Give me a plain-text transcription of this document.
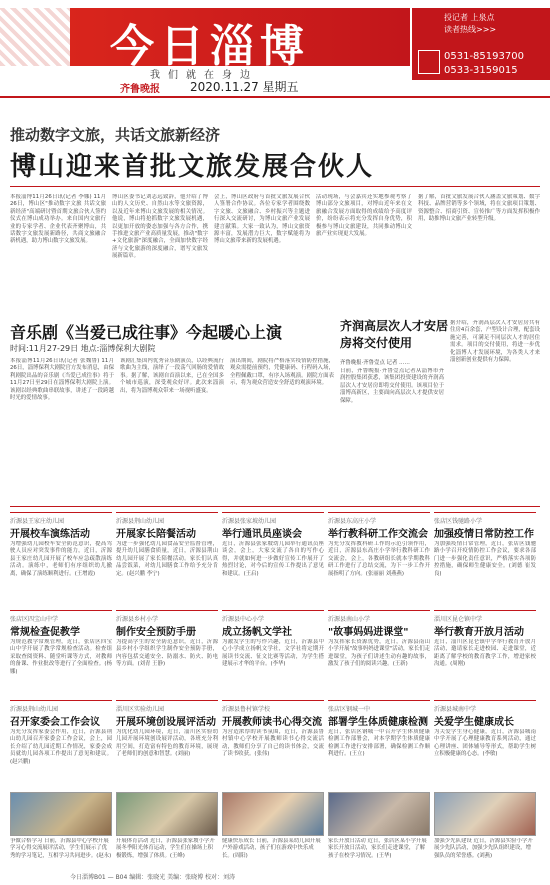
今日淄博
我们就在身边
齐鲁晚报	2020.11.27 星期五
投记者 上泉点
读者热线>>>
0531-85193700
0533-3159015
推动数字文旅，共话文旅新经济
博山迎来首批文旅发展合伙人
本报淄博11月26日讯(记者 李娜) 11月26日，博山区"推动数字文旅 共话文旅新经济"高端研讨暨首期文旅合伙人签约仪式在博山成功举办。来自国内文旅行业的专家学者、企业代表齐聚博山，共话数字文旅发展新路径，共商文旅融合新机遇，助力博山数字文旅发展。
博山区委书记刘志远致辞，他介绍了博山的人文历史、自然山水等文旅资源，以及近年来博山文旅发展的相关情况。他说，博山将抢抓数字文旅发展机遇，以更加开放的姿态加强与各方合作，携手推进文旅产业高质量发展，推动"数字+文化旅游"深度融合，全面加快数字经济与文化旅游的深度融合，谱写文旅发展新篇章。
会上，博山区政府与首批文旅发展合伙人签署合作协议。各位专家学者围绕数字文旅、文旅融合、乡村振兴等主题进行深入交流研讨，为博山文旅产业发展建言献策。大家一致认为，博山文旅资源丰富，发展潜力巨大，数字赋能将为博山文旅带来新的发展机遇。
活动现场，与会嘉宾还实地参观考察了博山部分文旅项目，对博山近年来在文旅融合发展方面取得的成绩给予高度评价，纷纷表示将充分发挥自身优势，积极参与博山文旅建设，共同推动博山文旅产业实现更大发展。
据了解，首批文旅发展合伙人涵盖文旅策划、数字科技、品牌营销等多个领域，将在文旅项目策划、资源整合、招商引资、宣传推广等方面发挥积极作用，助推博山文旅产业转型升级。
音乐剧《当爱已成往事》今起暖心上演
时间:11月27-29日 地点:淄博保利大剧院
本报淄博11月26日讯(记者 张魏鲁) 11月26日，淄博保利大剧院官方发布消息，由保利剧院出品的音乐剧《当爱已成往事》将于11月27日至29日在淄博保利大剧院上演。该剧以经典歌曲串联故事，讲述了一段跨越时光的爱情故事。
该剧汇集国内优秀音乐剧演员，以经典流行歌曲为主线，演绎了一段荡气回肠的爱情故事。据了解，该剧自首演以来，已在全国多个城市巡演，深受观众好评。此次来淄演出，将为淄博观众带来一场视听盛宴。
演出期间，剧院将严格落实疫情防控措施，观众需提前预约，凭健康码、行程码入场，全程佩戴口罩，有序入场观演。剧院方面表示，将为观众营造安全舒适的观演环境。
齐润高层次人才安居房将交付使用
齐鲁晚报·齐鲁壹点 记者 ……
日前，齐鲁晚报·齐鲁壹点记者从淄博市齐润控股集团获悉，该集团投资建设的齐润高层次人才安居房即将交付使用。该项目位于淄博高新区，主要面向高层次人才提供安居保障。
据介绍，齐润高层次人才安居房共有住房4百余套，户型设计合理，配套设施完善，可满足不同层次人才的居住需求。项目的交付使用，将进一步优化淄博人才发展环境，为各类人才来淄创新创业提供有力保障。
沂源县王家庄幼儿园
开展校车演练活动
为增强幼儿园校车安全防范意识，提高驾驶人员应对突发事件的能力，近日，沂源县王家庄幼儿园开展了校车应急疏散演练活动。演练中，老师们有序组织幼儿撤离，确保了演练顺利进行。(王增霞)
沂源县荆山幼儿园
开展家长陪餐活动
为进一步强化幼儿园食品安全监督管理，提升幼儿园膳食质量，近日，沂源县荆山幼儿园开展了家长陪餐活动。家长们认真品尝饭菜，对幼儿园膳食工作给予充分肯定。(赵兴鹏 李宁)
沂源县张家坡幼儿园
举行通讯员座谈会
近日，沂源县张家坡幼儿园举行通讯员座谈会，会上，大家交流了各自的写作心得，并就如何进一步做好宣传工作展开了热烈讨论，对今后的宣传工作提出了意见和建议。(王启)
沂源县东高庄小学
举行教科研工作交流会
为充分发挥教科研工作的示范引领作用，近日，沂源县东高庄小学举行教科研工作交流会，会上，各教研组长就本学期教科研工作进行了总结交流，为下一步工作开展指明了方向。(张丽丽 刘燕燕)
张店区钱驰路小学
加强疫情日常防控工作
为加强疫情日常管理，近日，张店区钱驰路小学召开疫情防控工作会议，要求各部门进一步强化责任意识，严格落实各项防控措施，确保师生健康安全。(刘德 崔发良)
张店区四宝山中学
常规检查促教学
为规范教学常规管理，近日，张店区四宝山中学开展了教学常规检查活动。检查组采取查阅资料、随堂听课等方式，对教师的备课、作业批改等进行了全面检查。(杨娜)
沂源县乡村小学
制作安全预防手册
为提高学生的安全防范意识，近日，沂源县乡村小学组织学生制作安全预防手册，内容包括交通安全、防溺水、防火、防电等方面。(刘青 王静)
沂源县中心小学
成立扬帆文学社
为激发学生的写作兴趣，近日，沂源县中心小学成立扬帆文学社，文学社将定期开展读书交流、征文比赛等活动，为学生搭建展示才华的平台。(李华)
沂源县南山小学
"故事妈妈进课堂"
为发挥家长资源优势，近日，沂源县南山小学开展"故事妈妈进课堂"活动，家长们走进课堂，为孩子们讲述生动有趣的故事，激发了孩子们的阅读兴趣。(王新)
淄川区昆仑镇中学
举行教育开放月活动
近日，淄川区昆仑镇中学举行教育开放月活动，邀请家长走进校园、走进课堂，近距离了解学校的教育教学工作，增进家校沟通。(周刚)
沂源县荆山幼儿园
召开家委会工作会议
为充分发挥家委会作用，近日，沂源县荆山幼儿园召开家委会工作会议，会上，园长介绍了幼儿园近期工作情况，家委会成员就幼儿园各项工作提出了意见和建议。(赵兴鹏)
淄川区实验幼儿园
开展环境创设展评活动
为优化幼儿园环境，近日，淄川区实验幼儿园开展环境创设展评活动，各班充分利用空间，打造富有特色的教育环境，展现了老师们的创意和智慧。(刘丽)
沂源县鲁村镇学校
开展教师读书心得交流
为营造浓厚的读书氛围，近日，沂源县鲁村镇中心学校开展教师读书心得交流活动，教师们分享了自己的读书体会，交流了读书收获。(张伟)
张店区钢城一中
部署学生体质健康检测
近日，张店区钢城一中召开学生体质健康检测工作部署会，对本学期学生体质健康检测工作进行安排部署，确保检测工作顺利进行。(王立)
沂源县城南中学
关爱学生健康成长
为关爱学生身心健康，近日，沂源县城南中学开展了心理健康教育系列活动，通过心理讲座、团体辅导等形式，帮助学生树立积极健康的心态。(李敏)
争做合格学习 日前，沂源县中心学校开展学习心得交流展评活动，学生们展示了优秀的学习笔记，互相学习共同进步。(赵永)
开展体育活动 近日，沂源县张家坡小学开展冬季阳光体育运动，学生们在操场上积极锻炼，增强了体质。(王峰)
健康快乐成长 日前，沂源县某幼儿园开展户外游戏活动，孩子们在游戏中快乐成长。(周阳)
家长开放日活动 近日，张店区某小学开展家长开放日活动，家长们走进课堂，了解孩子在校学习情况。(王华)
加强少先队建设 近日，沂源县实验小学开展少先队活动，加强少先队组织建设，增强队员的荣誉感。(刘燕)
今日淄博B01 — B04 编辑：张晓光 美编：张晓博 校对：刘涛
